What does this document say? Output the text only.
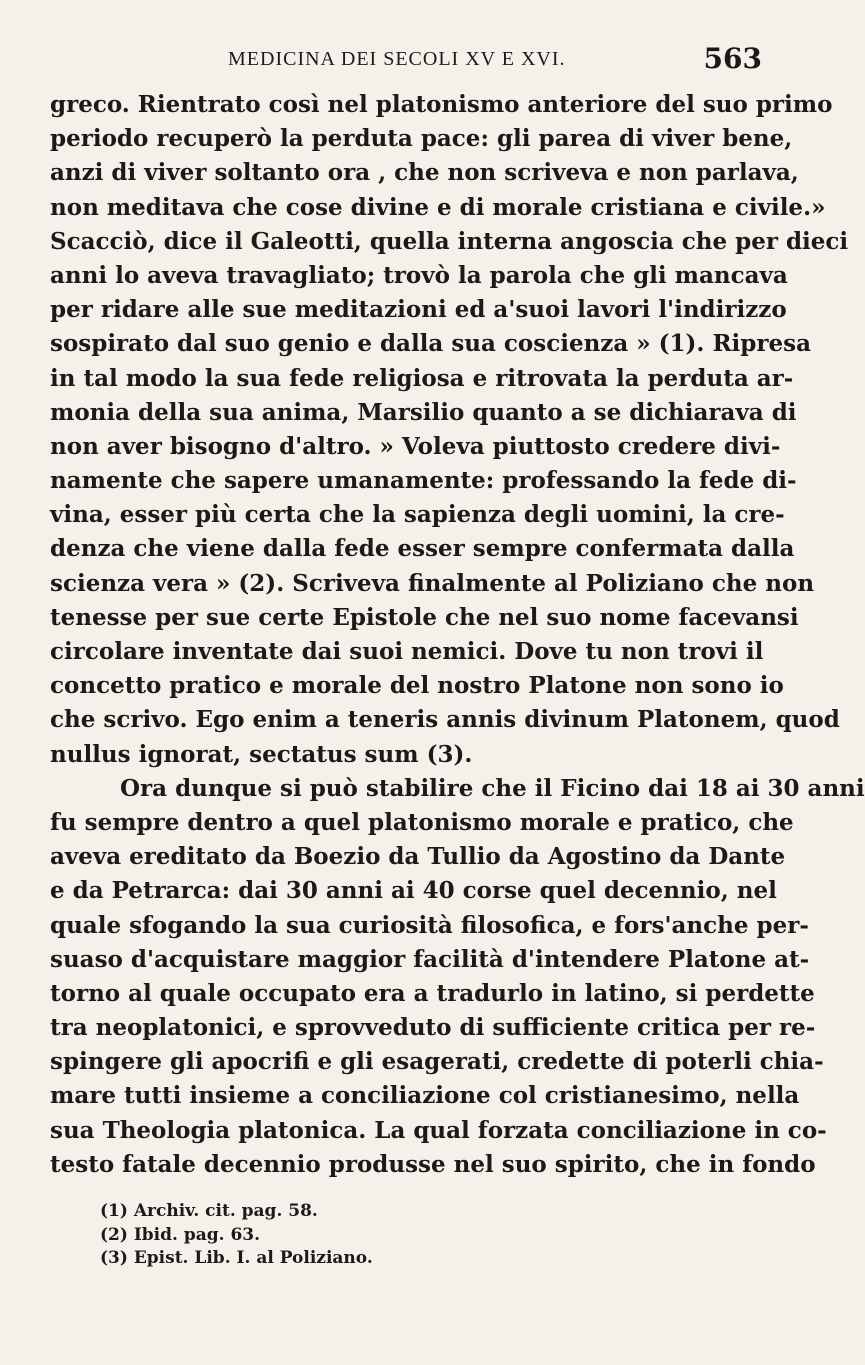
MEDICINA DEI SECOLI XV E XVI.	563
greco. Rientrato così nel platonismo anteriore del suo primo
periodo recuperò la perduta pace: gli parea di viver bene,
anzi di viver soltanto ora , che non scriveva e non parlava,
non meditava che cose divine e di morale cristiana e civile.»
Scacciò, dice il Galeotti, quella interna angoscia che per dieci
anni lo aveva travagliato; trovò la parola che gli mancava
per ridare alle sue meditazioni ed a'suoi lavori l'indirizzo
sospirato dal suo genio e dalla sua coscienza » (1). Ripresa
in tal modo la sua fede religiosa e ritrovata la perduta ar-
monia della sua anima, Marsilio quanto a se dichiarava di
non aver bisogno d'altro. » Voleva piuttosto credere divi-
namente che sapere umanamente: professando la fede di-
vina, esser più certa che la sapienza degli uomini, la cre-
denza che viene dalla fede esser sempre confermata dalla
scienza vera » (2). Scriveva finalmente al Poliziano che non
tenesse per sue certe Epistole che nel suo nome facevansi
circolare inventate dai suoi nemici. Dove tu non trovi il
concetto pratico e morale del nostro Platone non sono io
che scrivo. Ego enim a teneris annis divinum Platonem, quod
nullus ignorat, sectatus sum (3).
Ora dunque si può stabilire che il Ficino dai 18 ai 30 anni
fu sempre dentro a quel platonismo morale e pratico, che
aveva ereditato da Boezio da Tullio da Agostino da Dante
e da Petrarca: dai 30 anni ai 40 corse quel decennio, nel
quale sfogando la sua curiosità filosofica, e fors'anche per-
suaso d'acquistare maggior facilità d'intendere Platone at-
torno al quale occupato era a tradurlo in latino, si perdette
tra neoplatonici, e sprovveduto di sufficiente critica per re-
spingere gli apocrifi e gli esagerati, credette di poterli chia-
mare tutti insieme a conciliazione col cristianesimo, nella
sua Theologia platonica. La qual forzata conciliazione in co-
testo fatale decennio produsse nel suo spirito, che in fondo
(1) Archiv. cit. pag. 58.
(2) Ibid. pag. 63.
(3) Epist. Lib. I. al Poliziano.
